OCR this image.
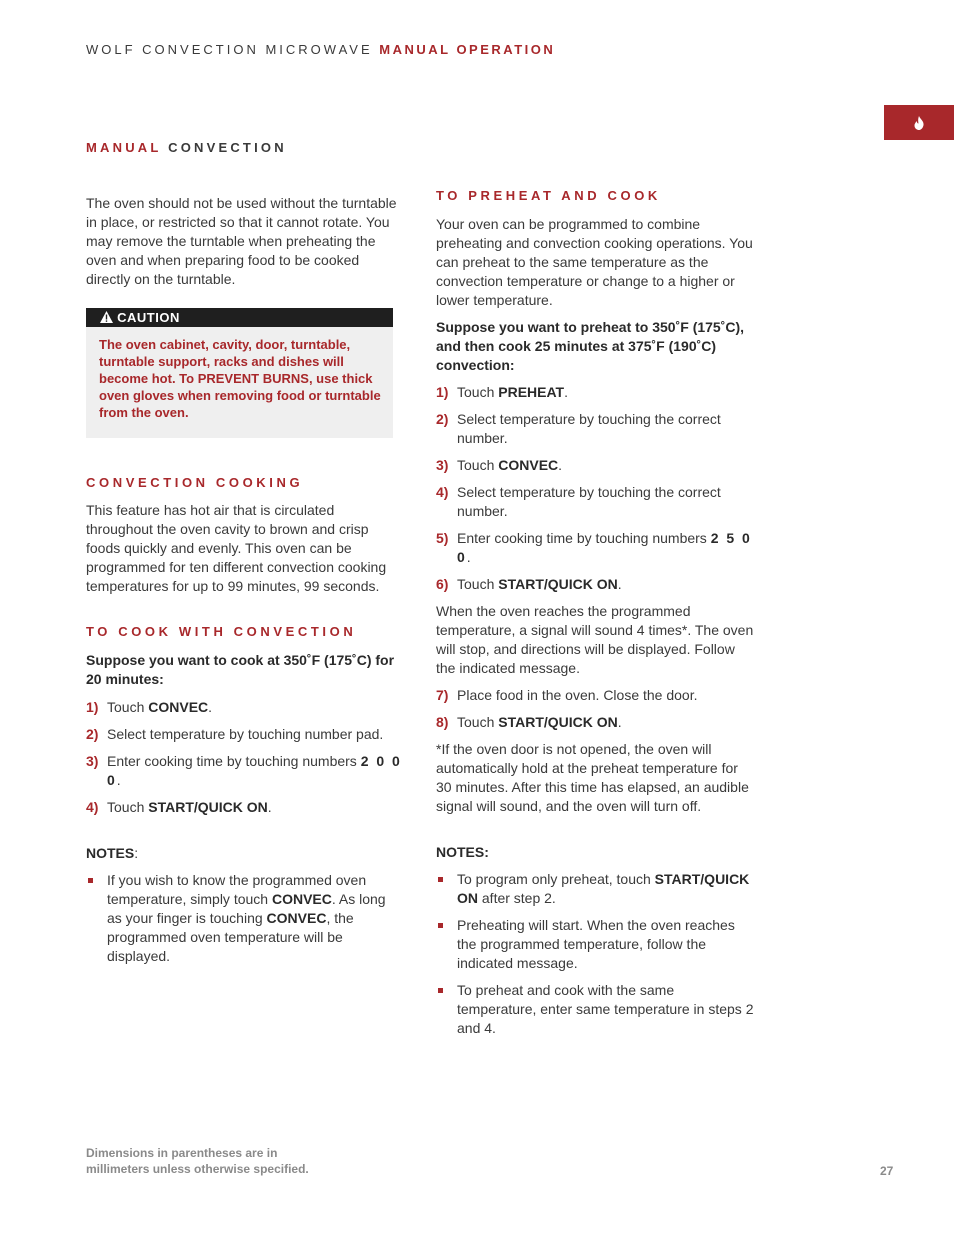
WOLF CONVECTION MICROWAVE MANUAL OPERATION
MANUAL CONVECTION

The oven should not be used without the turntable in place, or restricted so that it cannot rotate. You may remove the turntable when preheating the oven and when preparing food to be cooked directly on the turntable.

CAUTION
The oven cabinet, cavity, door, turntable, turntable support, racks and dishes will become hot. To PREVENT BURNS, use thick oven gloves when removing food or turntable from the oven.
CONVECTION COOKING

This feature has hot air that is circulated throughout the oven cavity to brown and crisp foods quickly and evenly. This oven can be programmed for ten different convection cooking temperatures for up to 99 minutes, 99 seconds.

TO COOK WITH CONVECTION

Suppose you want to cook at 350˚F (175˚C) for 20 minutes:

1) Touch CONVEC.
2) Select temperature by touching number pad.
3) Enter cooking time by touching numbers 2 0 0 0.
4) Touch START/QUICK ON.

NOTES:

If you wish to know the programmed oven temperature, simply touch CONVEC. As long as your finger is touching CONVEC, the programmed oven temperature will be displayed.
TO PREHEAT AND COOK

Your oven can be programmed to combine preheating and convection cooking operations. You can preheat to the same temperature as the convection temperature or change to a higher or lower temperature.

Suppose you want to preheat to 350˚F (175˚C), and then cook 25 minutes at 375˚F (190˚C) convection:

1) Touch PREHEAT.
2) Select temperature by touching the correct number.
3) Touch CONVEC.
4) Select temperature by touching the correct number.
5) Enter cooking time by touching numbers 2 5 0 0.
6) Touch START/QUICK ON.

When the oven reaches the programmed temperature, a signal will sound 4 times*. The oven will stop, and directions will be displayed. Follow the indicated message.

7) Place food in the oven. Close the door.
8) Touch START/QUICK ON.

*If the oven door is not opened, the oven will automatically hold at the preheat temperature for 30 minutes. After this time has elapsed, an audible signal will sound, and the oven will turn off.

NOTES:

To program only preheat, touch START/QUICK ON after step 2.
Preheating will start. When the oven reaches the programmed temperature, follow the indicated message.
To preheat and cook with the same temperature, enter same temperature in steps 2 and 4.
Dimensions in parentheses are in
millimeters unless otherwise specified.	27
